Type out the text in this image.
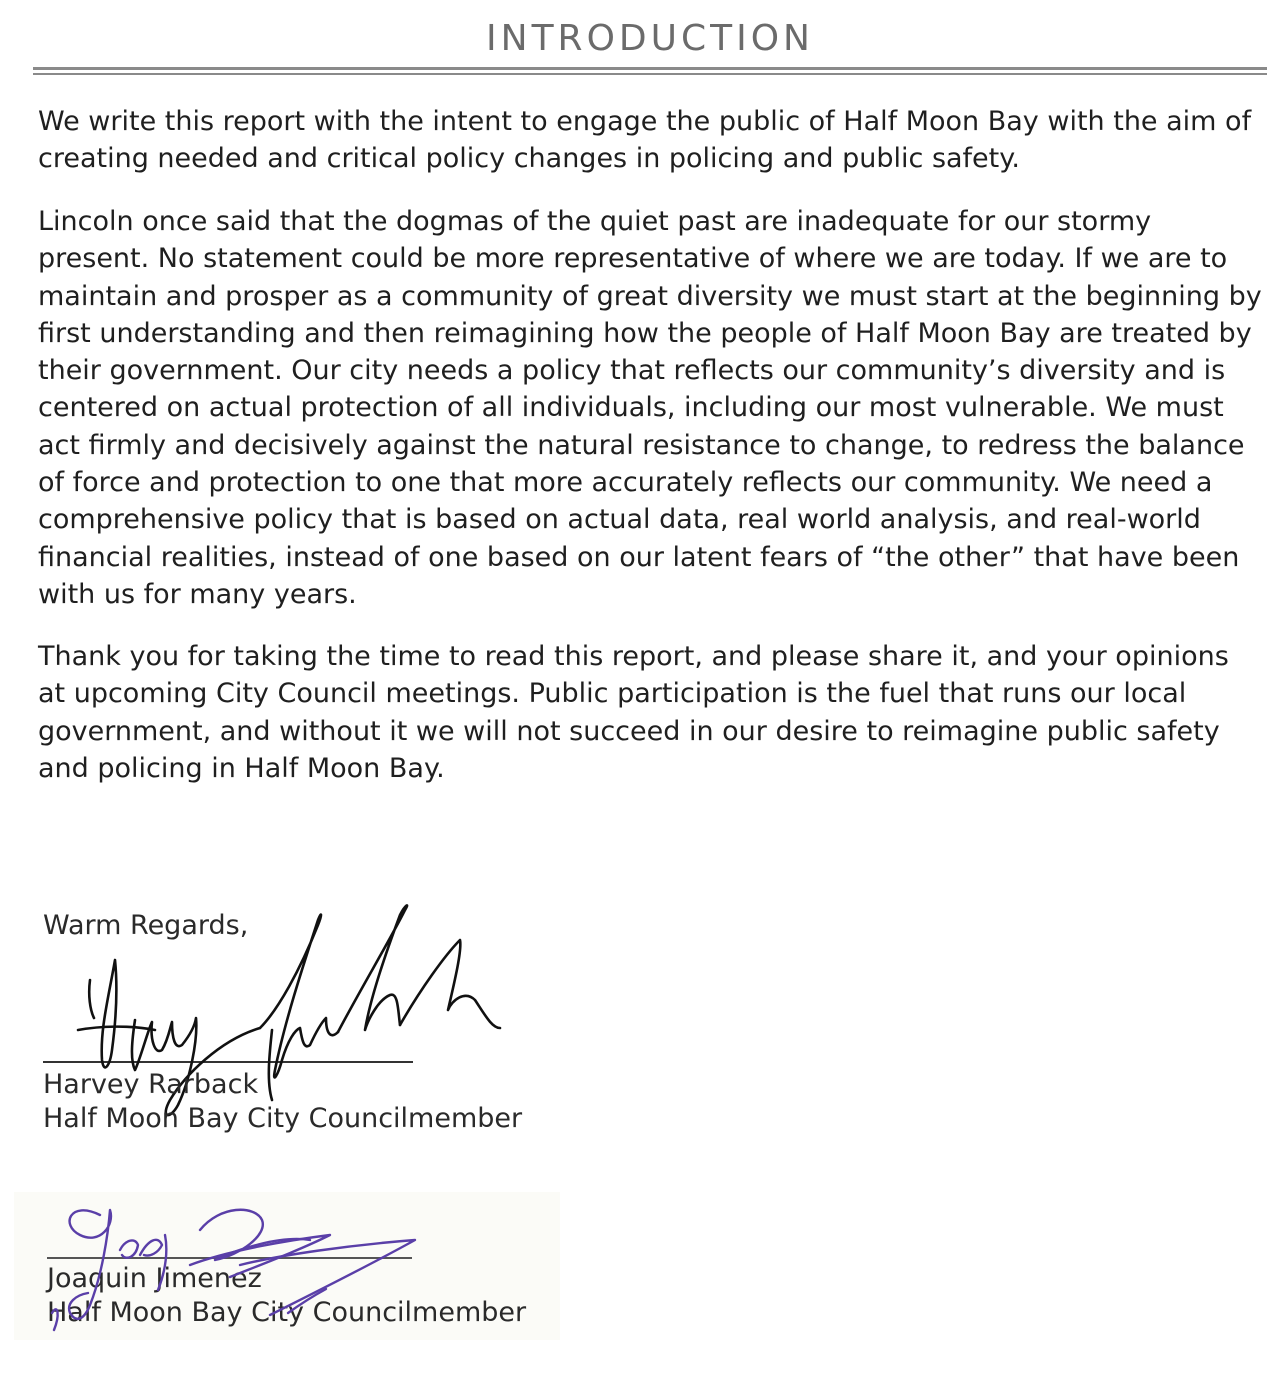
INTRODUCTION

We write this report with the intent to engage the public of Half Moon Bay with the aim of creating needed and critical policy changes in policing and public safety.

Lincoln once said that the dogmas of the quiet past are inadequate for our stormy present. No statement could be more representative of where we are today. If we are to maintain and prosper as a community of great diversity we must start at the beginning by first understanding and then reimagining how the people of Half Moon Bay are treated by their government. Our city needs a policy that reflects our community’s diversity and is centered on actual protection of all individuals, including our most vulnerable. We must act firmly and decisively against the natural resistance to change, to redress the balance of force and protection to one that more accurately reflects our community. We need a comprehensive policy that is based on actual data, real world analysis, and real-world financial realities, instead of one based on our latent fears of “the other” that have been with us for many years.

Thank you for taking the time to read this report, and please share it, and your opinions at upcoming City Council meetings. Public participation is the fuel that runs our local government, and without it we will not succeed in our desire to reimagine public safety and policing in Half Moon Bay.

Warm Regards,
Harvey Rarback
Half Moon Bay City Councilmember
Joaquin Jimenez
Half Moon Bay City Councilmember
